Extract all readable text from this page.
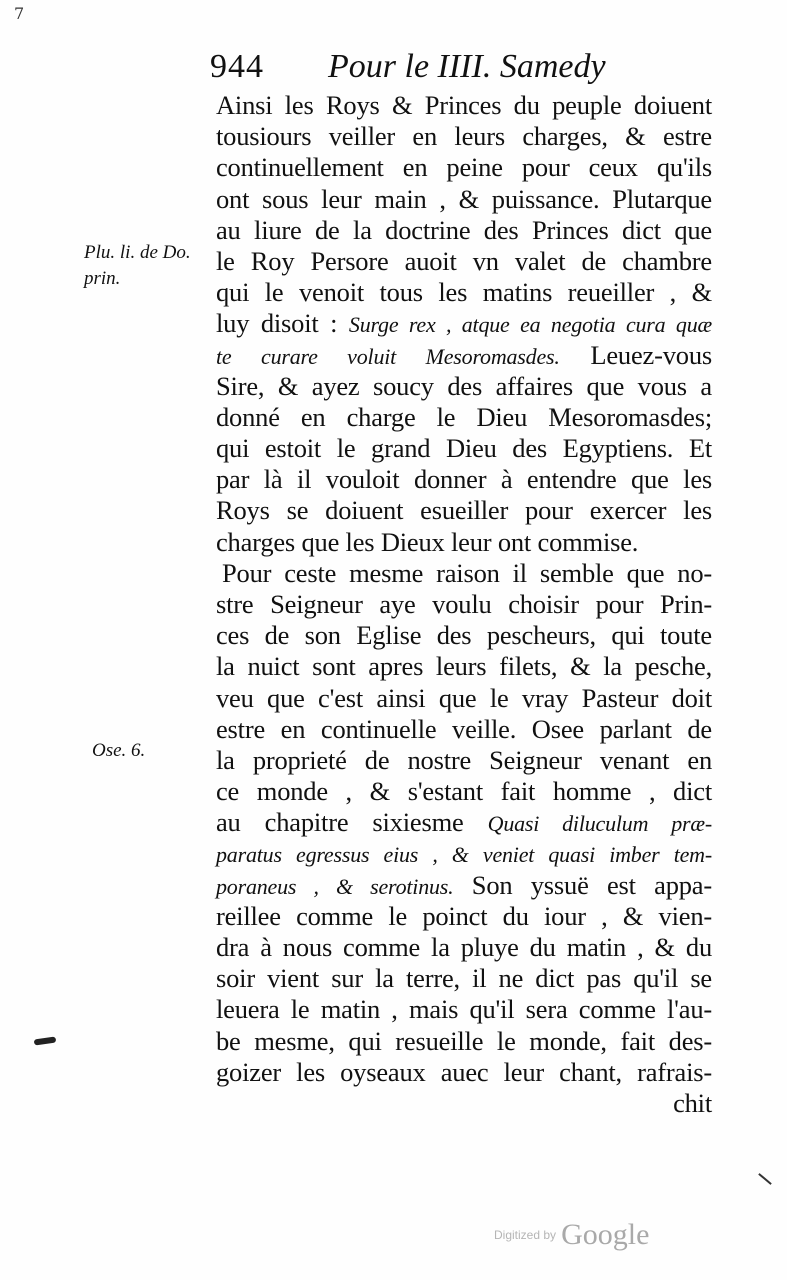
7
944 Pour le IIII. Samedy
Plu. li. de Do.
prin.
Ose. 6.
Ainsi les Roys & Princes du peuple doiuent
tousiours veiller en leurs charges, & estre
continuellement en peine pour ceux qu'ils
ont sous leur main , & puissance. Plutarque
au liure de la doctrine des Princes dict que
le Roy Persore auoit vn valet de chambre
qui le venoit tous les matins reueiller , &
luy disoit : Surge rex , atque ea negotia cura quæ
te curare voluit Mesoromasdes. Leuez-vous
Sire, & ayez soucy des affaires que vous a
donné en charge le Dieu Mesoromasdes;
qui estoit le grand Dieu des Egyptiens. Et
par là il vouloit donner à entendre que les
Roys se doiuent esueiller pour exercer les
charges que les Dieux leur ont commise.
Pour ceste mesme raison il semble que no-
stre Seigneur aye voulu choisir pour Prin-
ces de son Eglise des pescheurs, qui toute
la nuict sont apres leurs filets, & la pesche,
veu que c'est ainsi que le vray Pasteur doit
estre en continuelle veille. Osee parlant de
la proprieté de nostre Seigneur venant en
ce monde , & s'estant fait homme , dict
au chapitre sixiesme Quasi diluculum præ-
paratus egressus eius , & veniet quasi imber tem-
poraneus , & serotinus. Son yssuë est appa-
reillee comme le poinct du iour , & vien-
dra à nous comme la pluye du matin , & du
soir vient sur la terre, il ne dict pas qu'il se
leuera le matin , mais qu'il sera comme l'au-
be mesme, qui resueille le monde, fait des-
goizer les oyseaux auec leur chant, rafrais-
chit
Digitized by Google
